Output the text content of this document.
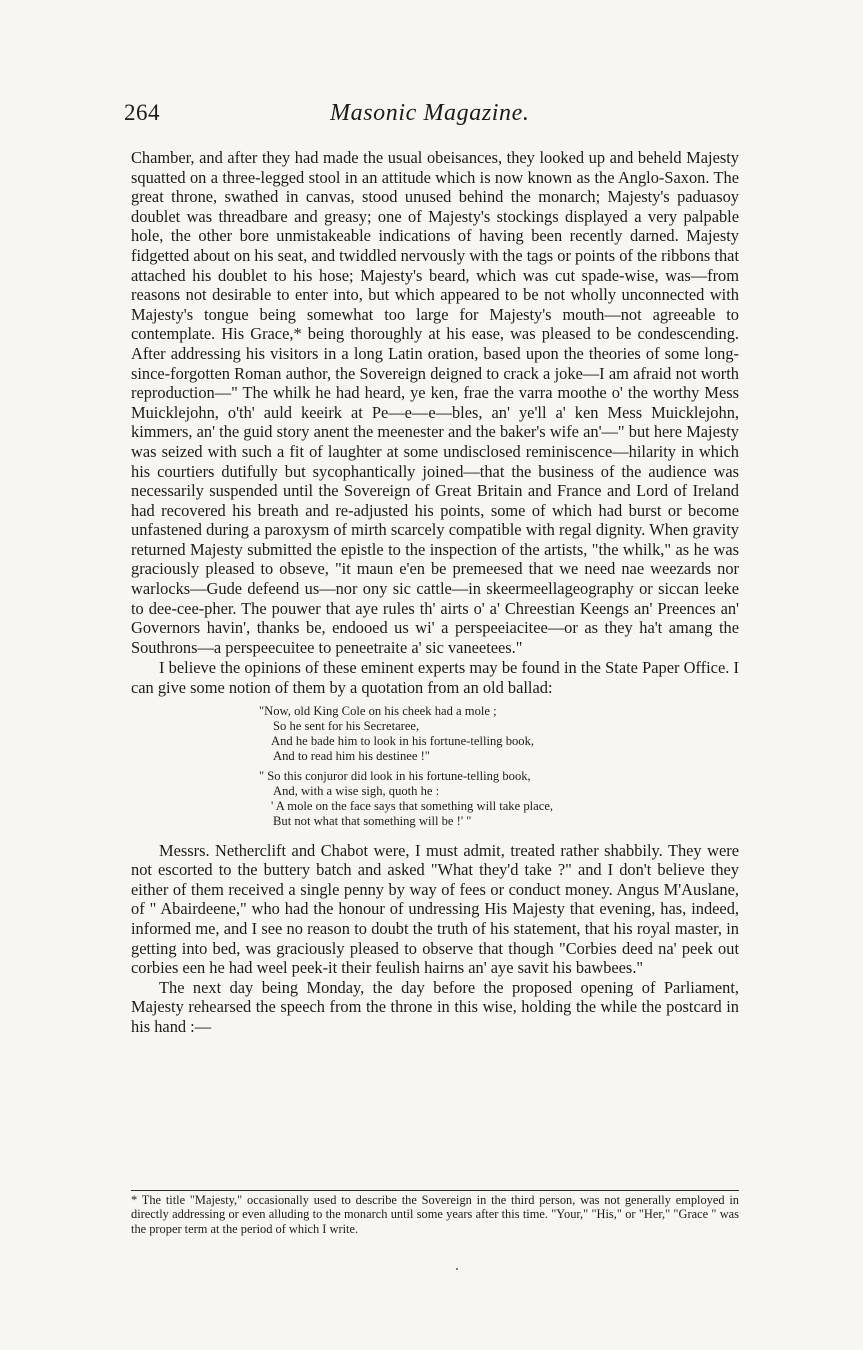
264	Masonic Magazine.

Chamber, and after they had made the usual obeisances, they looked up and beheld Majesty squatted on a three-legged stool in an attitude which is now known as the Anglo-Saxon. The great throne, swathed in canvas, stood unused behind the monarch; Majesty's paduasoy doublet was threadbare and greasy; one of Majesty's stockings displayed a very palpable hole, the other bore unmistakeable indications of having been recently darned. Majesty fidgetted about on his seat, and twiddled nervously with the tags or points of the ribbons that attached his doublet to his hose; Majesty's beard, which was cut spade-wise, was—from reasons not desirable to enter into, but which appeared to be not wholly unconnected with Majesty's tongue being somewhat too large for Majesty's mouth—not agreeable to contemplate. His Grace,* being thoroughly at his ease, was pleased to be condescending. After addressing his visitors in a long Latin oration, based upon the theories of some long-since-forgotten Roman author, the Sovereign deigned to crack a joke—I am afraid not worth reproduction—" The whilk he had heard, ye ken, frae the varra moothe o' the worthy Mess Muicklejohn, o'th' auld keeirk at Pe—e—e—bles, an' ye'll a' ken Mess Muicklejohn, kimmers, an' the guid story anent the meenester and the baker's wife an'—" but here Majesty was seized with such a fit of laughter at some undisclosed reminiscence—hilarity in which his courtiers dutifully but sycophantically joined—that the business of the audience was necessarily suspended until the Sovereign of Great Britain and France and Lord of Ireland had recovered his breath and re-adjusted his points, some of which had burst or become unfastened during a paroxysm of mirth scarcely compatible with regal dignity. When gravity returned Majesty submitted the epistle to the inspection of the artists, "the whilk," as he was graciously pleased to obseve, "it maun e'en be premeesed that we need nae weezards nor warlocks—Gude defeend us—nor ony sic cattle—in skeermeellageography or siccan leeke to dee-cee-pher. The pouwer that aye rules th' airts o' a' Chreestian Keengs an' Preences an' Governors havin', thanks be, endooed us wi' a perspeeiacitee—or as they ha't amang the Southrons—a perspeecuitee to peneetraite a' sic vaneetees."

I believe the opinions of these eminent experts may be found in the State Paper Office. I can give some notion of them by a quotation from an old ballad:

"Now, old King Cole on his cheek had a mole ;
So he sent for his Secretaree,
And he bade him to look in his fortune-telling book,
And to read him his destinee !"
" So this conjuror did look in his fortune-telling book,
And, with a wise sigh, quoth he :
' A mole on the face says that something will take place,
But not what that something will be !' "

Messrs. Netherclift and Chabot were, I must admit, treated rather shabbily. They were not escorted to the buttery batch and asked "What they'd take ?" and I don't believe they either of them received a single penny by way of fees or conduct money. Angus M'Auslane, of " Abairdeene," who had the honour of undressing His Majesty that evening, has, indeed, informed me, and I see no reason to doubt the truth of his statement, that his royal master, in getting into bed, was graciously pleased to observe that though "Corbies deed na' peek out corbies een he had weel peek-it their feulish hairns an' aye savit his bawbees."

The next day being Monday, the day before the proposed opening of Parliament, Majesty rehearsed the speech from the throne in this wise, holding the while the postcard in his hand :—

* The title "Majesty," occasionally used to describe the Sovereign in the third person, was not generally employed in directly addressing or even alluding to the monarch until some years after this time. "Your," "His," or "Her," "Grace " was the proper term at the period of which I write.
